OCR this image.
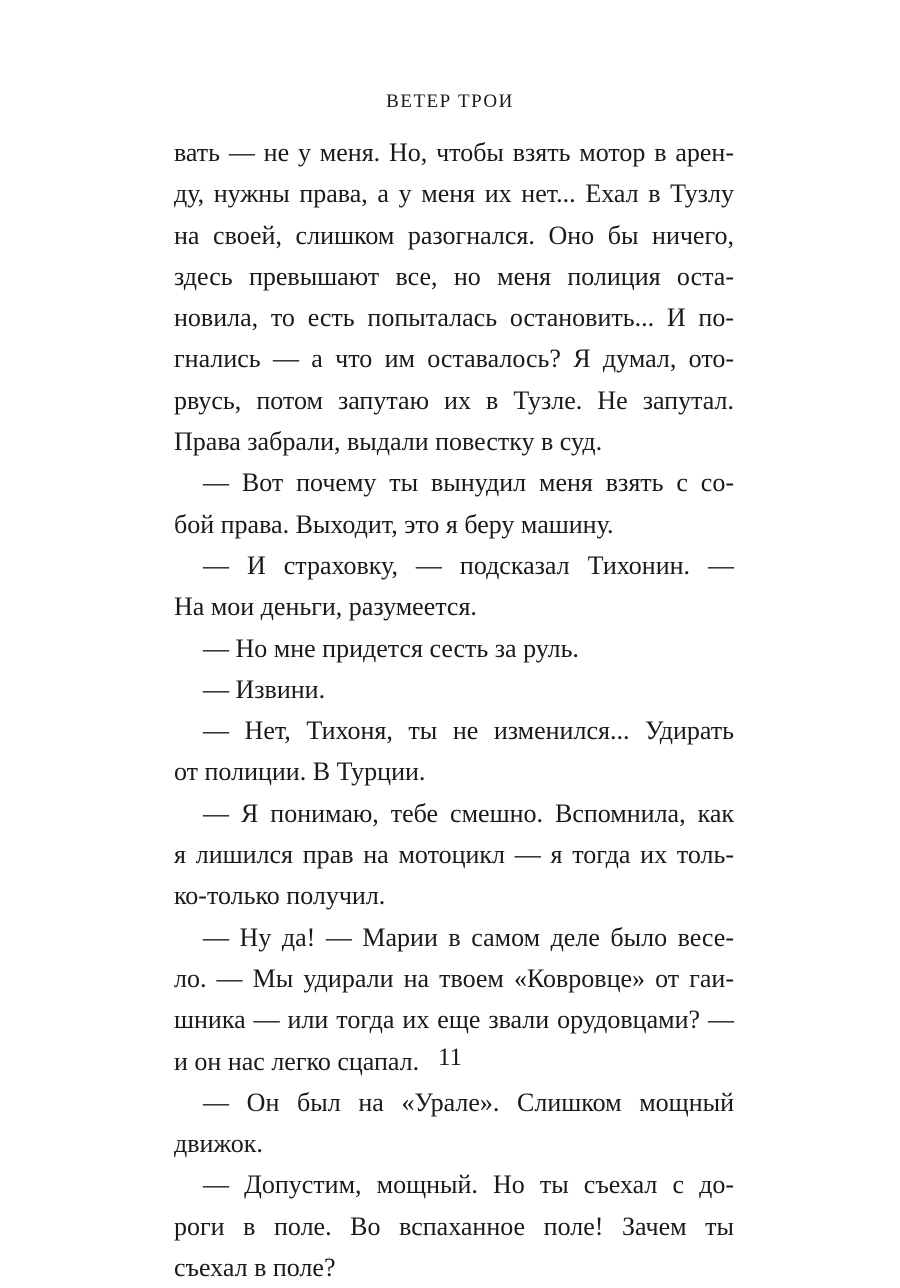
ВЕТЕР ТРОИ

вать — не у меня. Но, чтобы взять мотор в арен-

ду, нужны права, а у меня их нет... Ехал в Тузлу

на своей, слишком разогнался. Оно бы ничего,

здесь превышают все, но меня полиция оста-

новила, то есть попыталась остановить... И по-

гнались — а что им оставалось? Я думал, ото-

рвусь, потом запутаю их в Тузле. Не запутал.

Права забрали, выдали повестку в суд.

— Вот почему ты вынудил меня взять с со-

бой права. Выходит, это я беру машину.

— И страховку, — подсказал Тихонин. —

На мои деньги, разумеется.

— Но мне придется сесть за руль.

— Извини.

— Нет, Тихоня, ты не изменился... Удирать

от полиции. В Турции.

— Я понимаю, тебе смешно. Вспомнила, как

я лишился прав на мотоцикл — я тогда их толь-

ко-только получил.

— Ну да! — Марии в самом деле было весе-

ло. — Мы удирали на твоем «Ковровце» от гаи-

шника — или тогда их еще звали орудовцами? —

и он нас легко сцапал.

— Он был на «Урале». Слишком мощный

движок.

— Допустим, мощный. Но ты съехал с до-

роги в поле. Во вспаханное поле! Зачем ты

съехал в поле?

11
